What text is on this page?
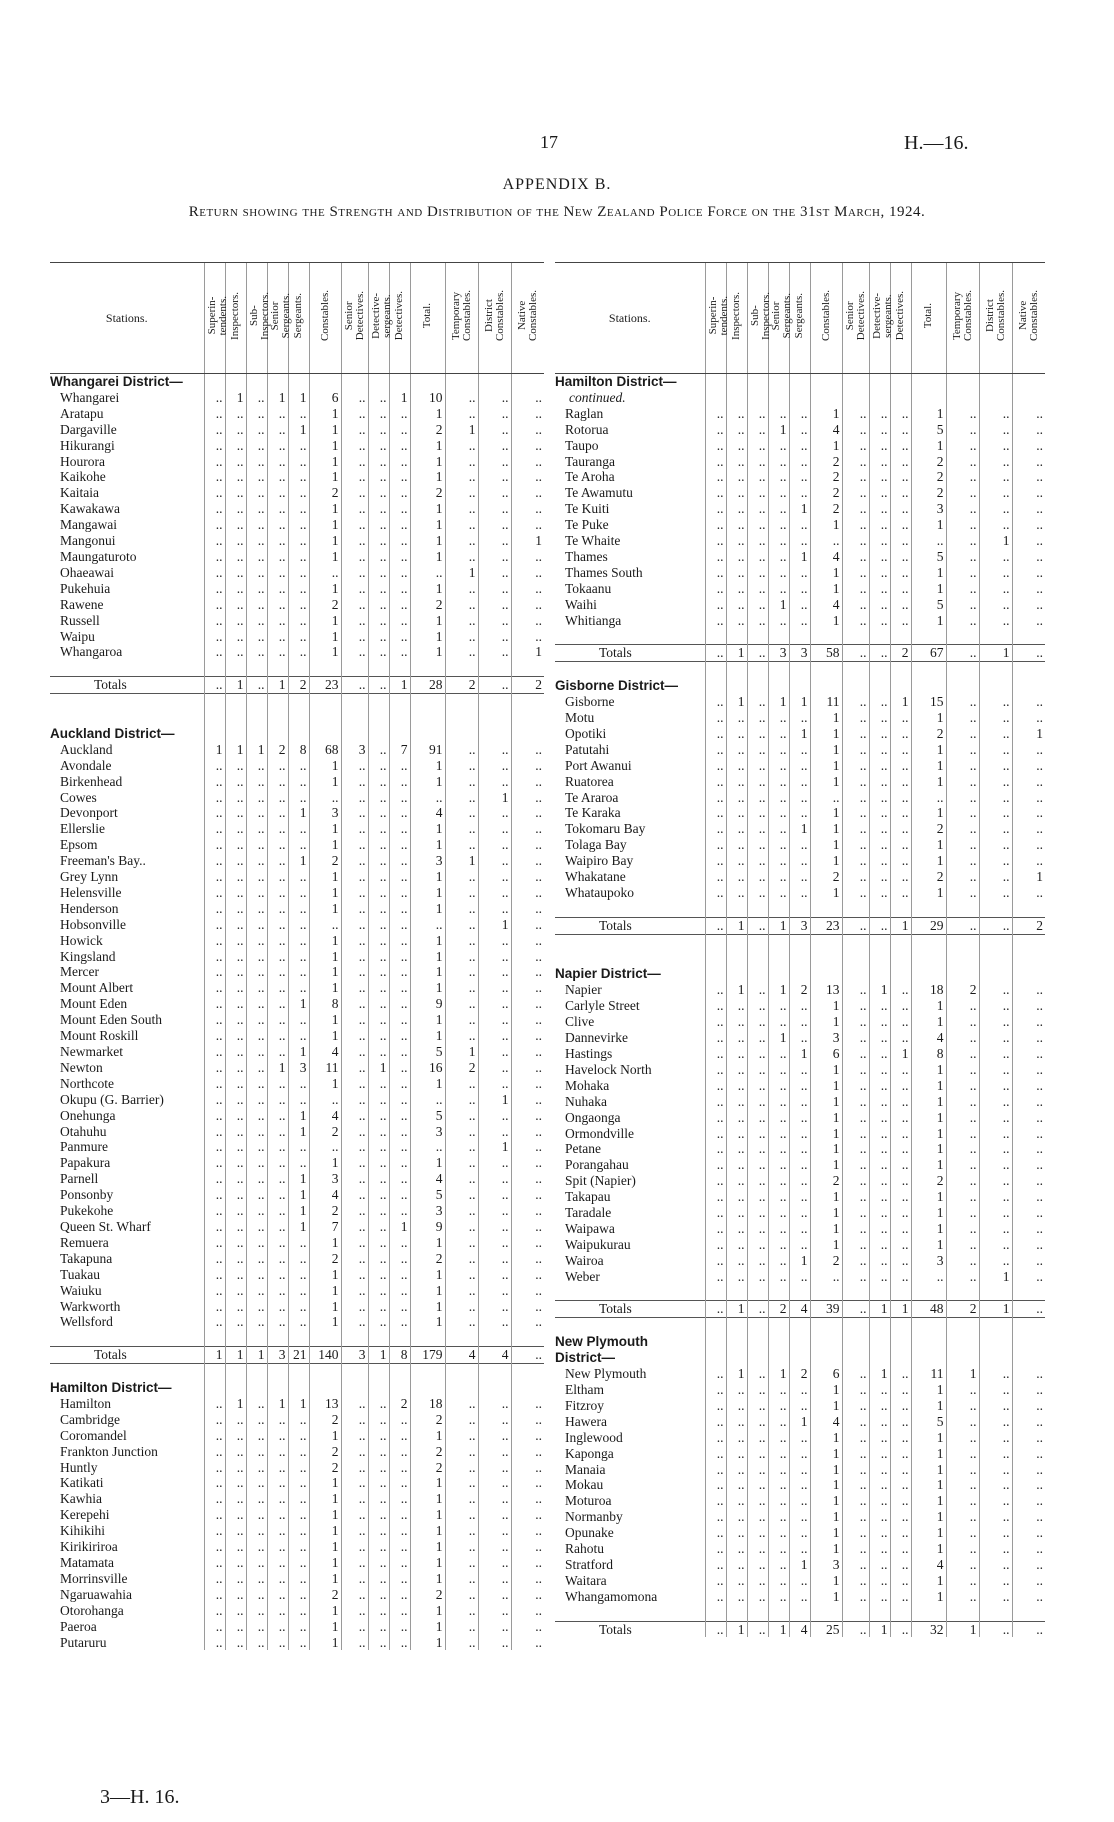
17	H.—16.
APPENDIX B.
Return showing the Strength and Distribution of the New Zealand Police Force on the 31st March, 1924.
Stations.	Superin-
tendents.	Inspectors.	Sub-
Inspectors.	Senior
Sergeants.	Sergeants.	Constables.	Senior
Detectives.	Detective-
sergeants.	Detectives.	Total.	Temporary
Constables.	District
Constables.	Native
Constables.
Whangarei District—													
Whangarei	..	1	..	1	1	6	..	..	1	10	..	..	..
Aratapu	..	..	..	..	..	1	..	..	..	1	..	..	..
Dargaville	..	..	..	..	1	1	..	..	..	2	1	..	..
Hikurangi	..	..	..	..	..	1	..	..	..	1	..	..	..
Hourora	..	..	..	..	..	1	..	..	..	1	..	..	..
Kaikohe	..	..	..	..	..	1	..	..	..	1	..	..	..
Kaitaia	..	..	..	..	..	2	..	..	..	2	..	..	..
Kawakawa	..	..	..	..	..	1	..	..	..	1	..	..	..
Mangawai	..	..	..	..	..	1	..	..	..	1	..	..	..
Mangonui	..	..	..	..	..	1	..	..	..	1	..	..	1
Maungaturoto	..	..	..	..	..	1	..	..	..	1	..	..	..
Ohaeawai	..	..	..	..	..	..	..	..	..	..	1	..	..
Pukehuia	..	..	..	..	..	1	..	..	..	1	..	..	..
Rawene	..	..	..	..	..	2	..	..	..	2	..	..	..
Russell	..	..	..	..	..	1	..	..	..	1	..	..	..
Waipu	..	..	..	..	..	1	..	..	..	1	..	..	..
Whangaroa	..	..	..	..	..	1	..	..	..	1	..	..	1

Totals	..	1	..	1	2	23	..	..	1	28	2	..	2

Auckland District—													
Auckland	1	1	1	2	8	68	3	..	7	91	..	..	..
Avondale	..	..	..	..	..	1	..	..	..	1	..	..	..
Birkenhead	..	..	..	..	..	1	..	..	..	1	..	..	..
Cowes	..	..	..	..	..	..	..	..	..	..	..	1	..
Devonport	..	..	..	..	1	3	..	..	..	4	..	..	..
Ellerslie	..	..	..	..	..	1	..	..	..	1	..	..	..
Epsom	..	..	..	..	..	1	..	..	..	1	..	..	..
Freeman's Bay..	..	..	..	..	1	2	..	..	..	3	1	..	..
Grey Lynn	..	..	..	..	..	1	..	..	..	1	..	..	..
Helensville	..	..	..	..	..	1	..	..	..	1	..	..	..
Henderson	..	..	..	..	..	1	..	..	..	1	..	..	..
Hobsonville	..	..	..	..	..	..	..	..	..	..	..	1	..
Howick	..	..	..	..	..	1	..	..	..	1	..	..	..
Kingsland	..	..	..	..	..	1	..	..	..	1	..	..	..
Mercer	..	..	..	..	..	1	..	..	..	1	..	..	..
Mount Albert	..	..	..	..	..	1	..	..	..	1	..	..	..
Mount Eden	..	..	..	..	1	8	..	..	..	9	..	..	..
Mount Eden South	..	..	..	..	..	1	..	..	..	1	..	..	..
Mount Roskill	..	..	..	..	..	1	..	..	..	1	..	..	..
Newmarket	..	..	..	..	1	4	..	..	..	5	1	..	..
Newton	..	..	..	1	3	11	..	1	..	16	2	..	..
Northcote	..	..	..	..	..	1	..	..	..	1	..	..	..
Okupu (G. Barrier)	..	..	..	..	..	..	..	..	..	..	..	1	..
Onehunga	..	..	..	..	1	4	..	..	..	5	..	..	..
Otahuhu	..	..	..	..	1	2	..	..	..	3	..	..	..
Panmure	..	..	..	..	..	..	..	..	..	..	..	1	..
Papakura	..	..	..	..	..	1	..	..	..	1	..	..	..
Parnell	..	..	..	..	1	3	..	..	..	4	..	..	..
Ponsonby	..	..	..	..	1	4	..	..	..	5	..	..	..
Pukekohe	..	..	..	..	1	2	..	..	..	3	..	..	..
Queen St. Wharf	..	..	..	..	1	7	..	..	1	9	..	..	..
Remuera	..	..	..	..	..	1	..	..	..	1	..	..	..
Takapuna	..	..	..	..	..	2	..	..	..	2	..	..	..
Tuakau	..	..	..	..	..	1	..	..	..	1	..	..	..
Waiuku	..	..	..	..	..	1	..	..	..	1	..	..	..
Warkworth	..	..	..	..	..	1	..	..	..	1	..	..	..
Wellsford	..	..	..	..	..	1	..	..	..	1	..	..	..

Totals	1	1	1	3	21	140	3	1	8	179	4	4	..

Hamilton District—													
Hamilton	..	1	..	1	1	13	..	..	2	18	..	..	..
Cambridge	..	..	..	..	..	2	..	..	..	2	..	..	..
Coromandel	..	..	..	..	..	1	..	..	..	1	..	..	..
Frankton Junction	..	..	..	..	..	2	..	..	..	2	..	..	..
Huntly	..	..	..	..	..	2	..	..	..	2	..	..	..
Katikati	..	..	..	..	..	1	..	..	..	1	..	..	..
Kawhia	..	..	..	..	..	1	..	..	..	1	..	..	..
Kerepehi	..	..	..	..	..	1	..	..	..	1	..	..	..
Kihikihi	..	..	..	..	..	1	..	..	..	1	..	..	..
Kirikiriroa	..	..	..	..	..	1	..	..	..	1	..	..	..
Matamata	..	..	..	..	..	1	..	..	..	1	..	..	..
Morrinsville	..	..	..	..	..	1	..	..	..	1	..	..	..
Ngaruawahia	..	..	..	..	..	2	..	..	..	2	..	..	..
Otorohanga	..	..	..	..	..	1	..	..	..	1	..	..	..
Paeroa	..	..	..	..	..	1	..	..	..	1	..	..	..
Putaruru	..	..	..	..	..	1	..	..	..	1	..	..	..
Stations.	Superin-
tendents.	Inspectors.	Sub-
Inspectors.	Senior
Sergeants.	Sergeants.	Constables.	Senior
Detectives.	Detective-
sergeants.	Detectives.	Total.	Temporary
Constables.	District
Constables.	Native
Constables.
Hamilton District—													
continued.													
Raglan	..	..	..	..	..	1	..	..	..	1	..	..	..
Rotorua	..	..	..	1	..	4	..	..	..	5	..	..	..
Taupo	..	..	..	..	..	1	..	..	..	1	..	..	..
Tauranga	..	..	..	..	..	2	..	..	..	2	..	..	..
Te Aroha	..	..	..	..	..	2	..	..	..	2	..	..	..
Te Awamutu	..	..	..	..	..	2	..	..	..	2	..	..	..
Te Kuiti	..	..	..	..	1	2	..	..	..	3	..	..	..
Te Puke	..	..	..	..	..	1	..	..	..	1	..	..	..
Te Whaite	..	..	..	..	..	..	..	..	..	..	..	1	..
Thames	..	..	..	..	1	4	..	..	..	5	..	..	..
Thames South	..	..	..	..	..	1	..	..	..	1	..	..	..
Tokaanu	..	..	..	..	..	1	..	..	..	1	..	..	..
Waihi	..	..	..	1	..	4	..	..	..	5	..	..	..
Whitianga	..	..	..	..	..	1	..	..	..	1	..	..	..

Totals	..	1	..	3	3	58	..	..	2	67	..	1	..

Gisborne District—													
Gisborne	..	1	..	1	1	11	..	..	1	15	..	..	..
Motu	..	..	..	..	..	1	..	..	..	1	..	..	..
Opotiki	..	..	..	..	1	1	..	..	..	2	..	..	1
Patutahi	..	..	..	..	..	1	..	..	..	1	..	..	..
Port Awanui	..	..	..	..	..	1	..	..	..	1	..	..	..
Ruatorea	..	..	..	..	..	1	..	..	..	1	..	..	..
Te Araroa	..	..	..	..	..	..	..	..	..	..	..	..	..
Te Karaka	..	..	..	..	..	1	..	..	..	1	..	..	..
Tokomaru Bay	..	..	..	..	1	1	..	..	..	2	..	..	..
Tolaga Bay	..	..	..	..	..	1	..	..	..	1	..	..	..
Waipiro Bay	..	..	..	..	..	1	..	..	..	1	..	..	..
Whakatane	..	..	..	..	..	2	..	..	..	2	..	..	1
Whataupoko	..	..	..	..	..	1	..	..	..	1	..	..	..

Totals	..	1	..	1	3	23	..	..	1	29	..	..	2

Napier District—													
Napier	..	1	..	1	2	13	..	1	..	18	2	..	..
Carlyle Street	..	..	..	..	..	1	..	..	..	1	..	..	..
Clive	..	..	..	..	..	1	..	..	..	1	..	..	..
Dannevirke	..	..	..	1	..	3	..	..	..	4	..	..	..
Hastings	..	..	..	..	1	6	..	..	1	8	..	..	..
Havelock North	..	..	..	..	..	1	..	..	..	1	..	..	..
Mohaka	..	..	..	..	..	1	..	..	..	1	..	..	..
Nuhaka	..	..	..	..	..	1	..	..	..	1	..	..	..
Ongaonga	..	..	..	..	..	1	..	..	..	1	..	..	..
Ormondville	..	..	..	..	..	1	..	..	..	1	..	..	..
Petane	..	..	..	..	..	1	..	..	..	1	..	..	..
Porangahau	..	..	..	..	..	1	..	..	..	1	..	..	..
Spit (Napier)	..	..	..	..	..	2	..	..	..	2	..	..	..
Takapau	..	..	..	..	..	1	..	..	..	1	..	..	..
Taradale	..	..	..	..	..	1	..	..	..	1	..	..	..
Waipawa	..	..	..	..	..	1	..	..	..	1	..	..	..
Waipukurau	..	..	..	..	..	1	..	..	..	1	..	..	..
Wairoa	..	..	..	..	1	2	..	..	..	3	..	..	..
Weber	..	..	..	..	..	..	..	..	..	..	..	1	..

Totals	..	1	..	2	4	39	..	1	1	48	2	1	..

New Plymouth													
District—													
New Plymouth	..	1	..	1	2	6	..	1	..	11	1	..	..
Eltham	..	..	..	..	..	1	..	..	..	1	..	..	..
Fitzroy	..	..	..	..	..	1	..	..	..	1	..	..	..
Hawera	..	..	..	..	1	4	..	..	..	5	..	..	..
Inglewood	..	..	..	..	..	1	..	..	..	1	..	..	..
Kaponga	..	..	..	..	..	1	..	..	..	1	..	..	..
Manaia	..	..	..	..	..	1	..	..	..	1	..	..	..
Mokau	..	..	..	..	..	1	..	..	..	1	..	..	..
Moturoa	..	..	..	..	..	1	..	..	..	1	..	..	..
Normanby	..	..	..	..	..	1	..	..	..	1	..	..	..
Opunake	..	..	..	..	..	1	..	..	..	1	..	..	..
Rahotu	..	..	..	..	..	1	..	..	..	1	..	..	..
Stratford	..	..	..	..	1	3	..	..	..	4	..	..	..
Waitara	..	..	..	..	..	1	..	..	..	1	..	..	..
Whangamomona	..	..	..	..	..	1	..	..	..	1	..	..	..

Totals	..	1	..	1	4	25	..	1	..	32	1	..	..
3—H. 16.
